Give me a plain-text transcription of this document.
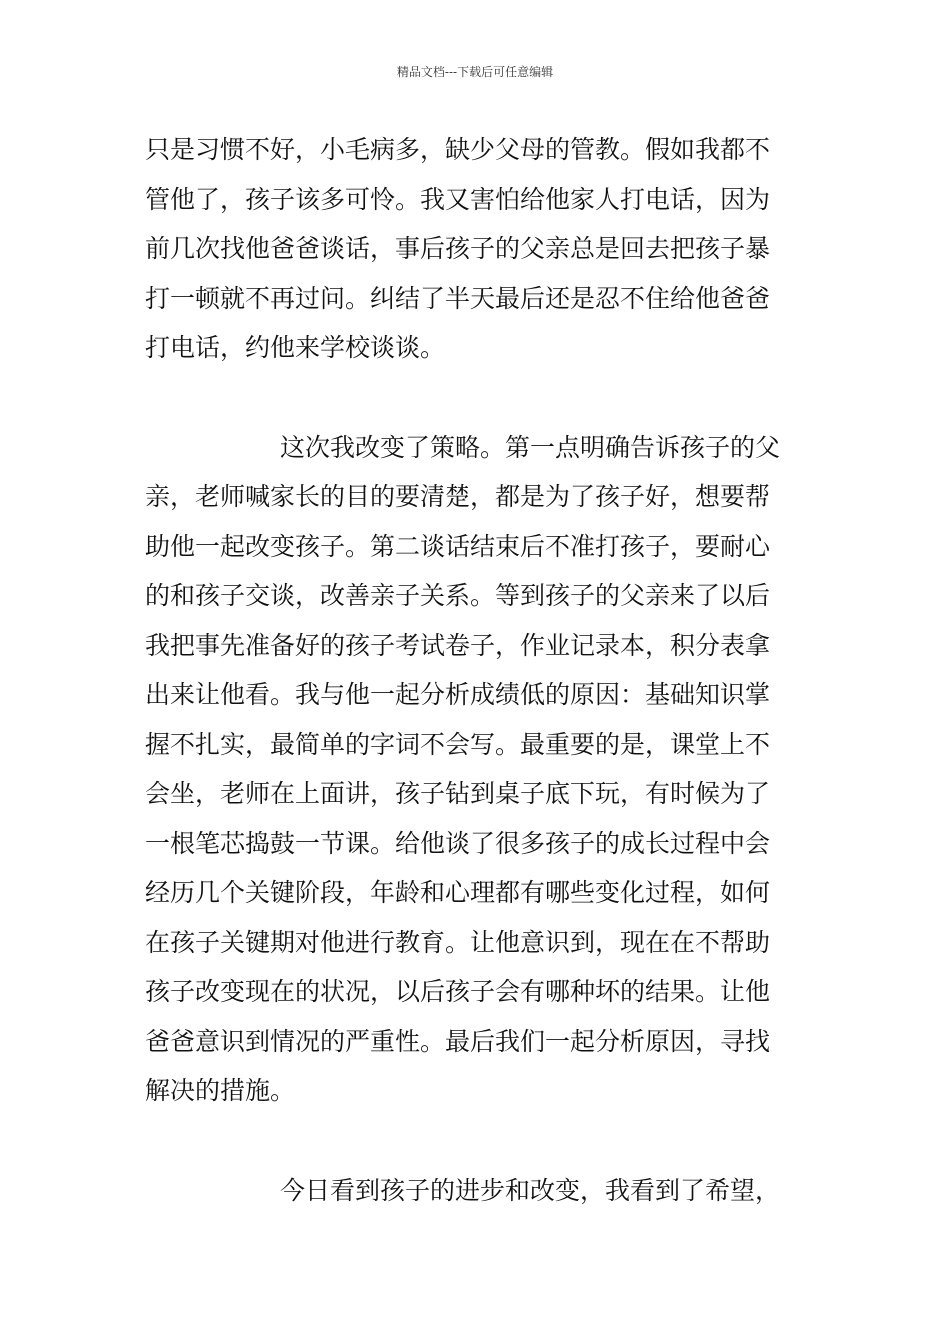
精品文档---下载后可任意编辑
只是习惯不好，小毛病多，缺少父母的管教。假如我都不
管他了，孩子该多可怜。我又害怕给他家人打电话，因为
前几次找他爸爸谈话，事后孩子的父亲总是回去把孩子暴
打一顿就不再过问。纠结了半天最后还是忍不住给他爸爸
打电话，约他来学校谈谈。
这次我改变了策略。第一点明确告诉孩子的父
亲，老师喊家长的目的要清楚，都是为了孩子好，想要帮
助他一起改变孩子。第二谈话结束后不准打孩子，要耐心
的和孩子交谈，改善亲子关系。等到孩子的父亲来了以后
我把事先准备好的孩子考试卷子，作业记录本，积分表拿
出来让他看。我与他一起分析成绩低的原因：基础知识掌
握不扎实，最简单的字词不会写。最重要的是，课堂上不
会坐，老师在上面讲，孩子钻到桌子底下玩，有时候为了
一根笔芯捣鼓一节课。给他谈了很多孩子的成长过程中会
经历几个关键阶段，年龄和心理都有哪些变化过程，如何
在孩子关键期对他进行教育。让他意识到，现在在不帮助
孩子改变现在的状况，以后孩子会有哪种坏的结果。让他
爸爸意识到情况的严重性。最后我们一起分析原因，寻找
解决的措施。
今日看到孩子的进步和改变，我看到了希望，
